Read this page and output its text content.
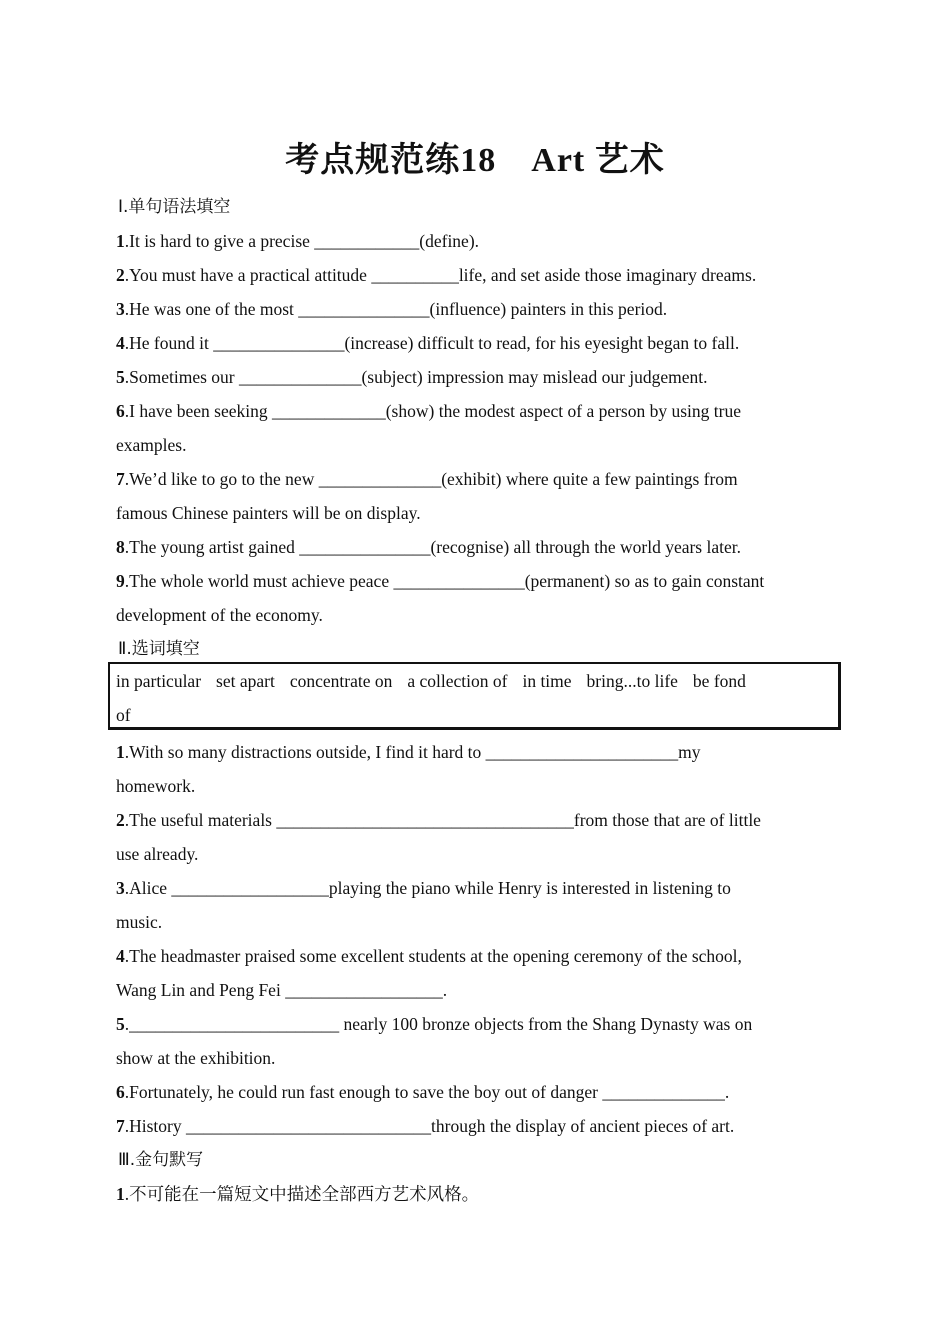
考点规范练18　Art 艺术
Ⅰ.单句语法填空
1.It is hard to give a precise ____________(define).
2.You must have a practical attitude __________life, and set aside those imaginary dreams.
3.He was one of the most _______________(influence) painters in this period.
4.He found it _______________(increase) difficult to read, for his eyesight began to fall.
5.Sometimes our ______________(subject) impression may mislead our judgement.
6.I have been seeking _____________(show) the modest aspect of a person by using true
examples.
7.We’d like to go to the new ______________(exhibit) where quite a few paintings from
famous Chinese painters will be on display.
8.The young artist gained _______________(recognise) all through the world years later.
9.The whole world must achieve peace _______________(permanent) so as to gain constant
development of the economy.
Ⅱ.选词填空
in particular set apart concentrate on a collection of in time bring...to life be fond
of
1.With so many distractions outside, I find it hard to ______________________my
homework.
2.The useful materials __________________________________from those that are of little
use already.
3.Alice __________________playing the piano while Henry is interested in listening to
music.
4.The headmaster praised some excellent students at the opening ceremony of the school,
Wang Lin and Peng Fei __________________.
5.________________________ nearly 100 bronze objects from the Shang Dynasty was on
show at the exhibition.
6.Fortunately, he could run fast enough to save the boy out of danger ______________.
7.History ____________________________through the display of ancient pieces of art.
Ⅲ.金句默写
1.不可能在一篇短文中描述全部西方艺术风格。
